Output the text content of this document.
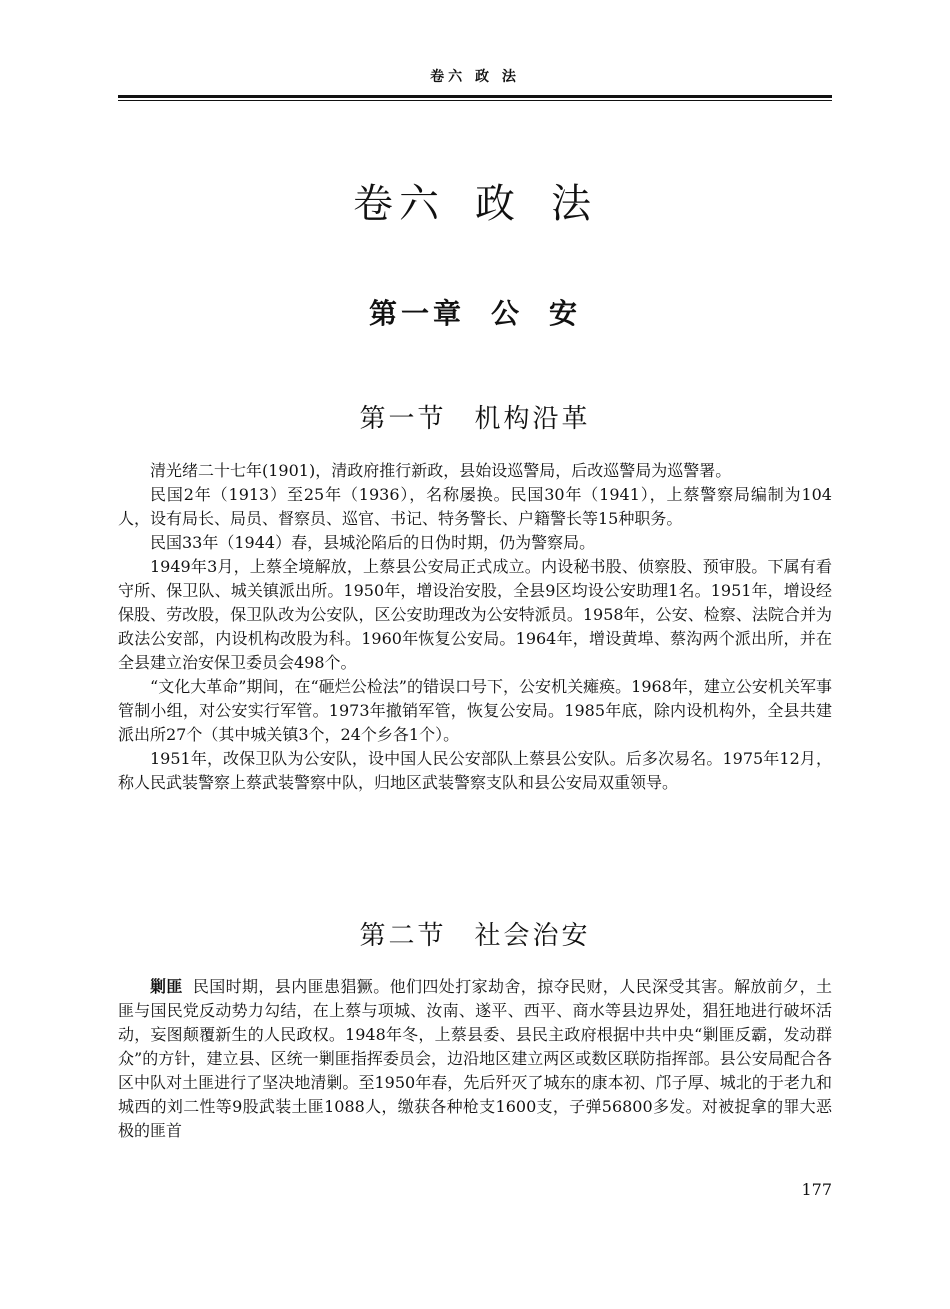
卷六 政 法
卷六 政 法
第一章 公 安
第一节 机构沿革

清光绪二十七年(1901)，清政府推行新政，县始设巡警局，后改巡警局为巡警署。

民国2年（1913）至25年（1936），名称屡换。民国30年（1941），上蔡警察局编制为104人，设有局长、局员、督察员、巡官、书记、特务警长、户籍警长等15种职务。

民国33年（1944）春，县城沦陷后的日伪时期，仍为警察局。

1949年3月，上蔡全境解放，上蔡县公安局正式成立。内设秘书股、侦察股、预审股。下属有看守所、保卫队、城关镇派出所。1950年，增设治安股，全县9区均设公安助理1名。1951年，增设经保股、劳改股，保卫队改为公安队，区公安助理改为公安特派员。1958年，公安、检察、法院合并为政法公安部，内设机构改股为科。1960年恢复公安局。1964年，增设黄埠、蔡沟两个派出所，并在全县建立治安保卫委员会498个。

“文化大革命”期间，在“砸烂公检法”的错误口号下，公安机关瘫痪。1968年，建立公安机关军事管制小组，对公安实行军管。1973年撤销军管，恢复公安局。1985年底，除内设机构外，全县共建派出所27个（其中城关镇3个，24个乡各1个）。

1951年，改保卫队为公安队，设中国人民公安部队上蔡县公安队。后多次易名。1975年12月，称人民武装警察上蔡武装警察中队，归地区武装警察支队和县公安局双重领导。

第二节 社会治安

剿匪 民国时期，县内匪患猖獗。他们四处打家劫舍，掠夺民财，人民深受其害。解放前夕，土匪与国民党反动势力勾结，在上蔡与项城、汝南、遂平、西平、商水等县边界处，猖狂地进行破坏活动，妄图颠覆新生的人民政权。1948年冬，上蔡县委、县民主政府根据中共中央“剿匪反霸，发动群众”的方针，建立县、区统一剿匪指挥委员会，边沿地区建立两区或数区联防指挥部。县公安局配合各区中队对土匪进行了坚决地清剿。至1950年春，先后歼灭了城东的康本初、邝子厚、城北的于老九和城西的刘二性等9股武装土匪1088人，缴获各种枪支1600支，子弹56800多发。对被捉拿的罪大恶极的匪首

177
